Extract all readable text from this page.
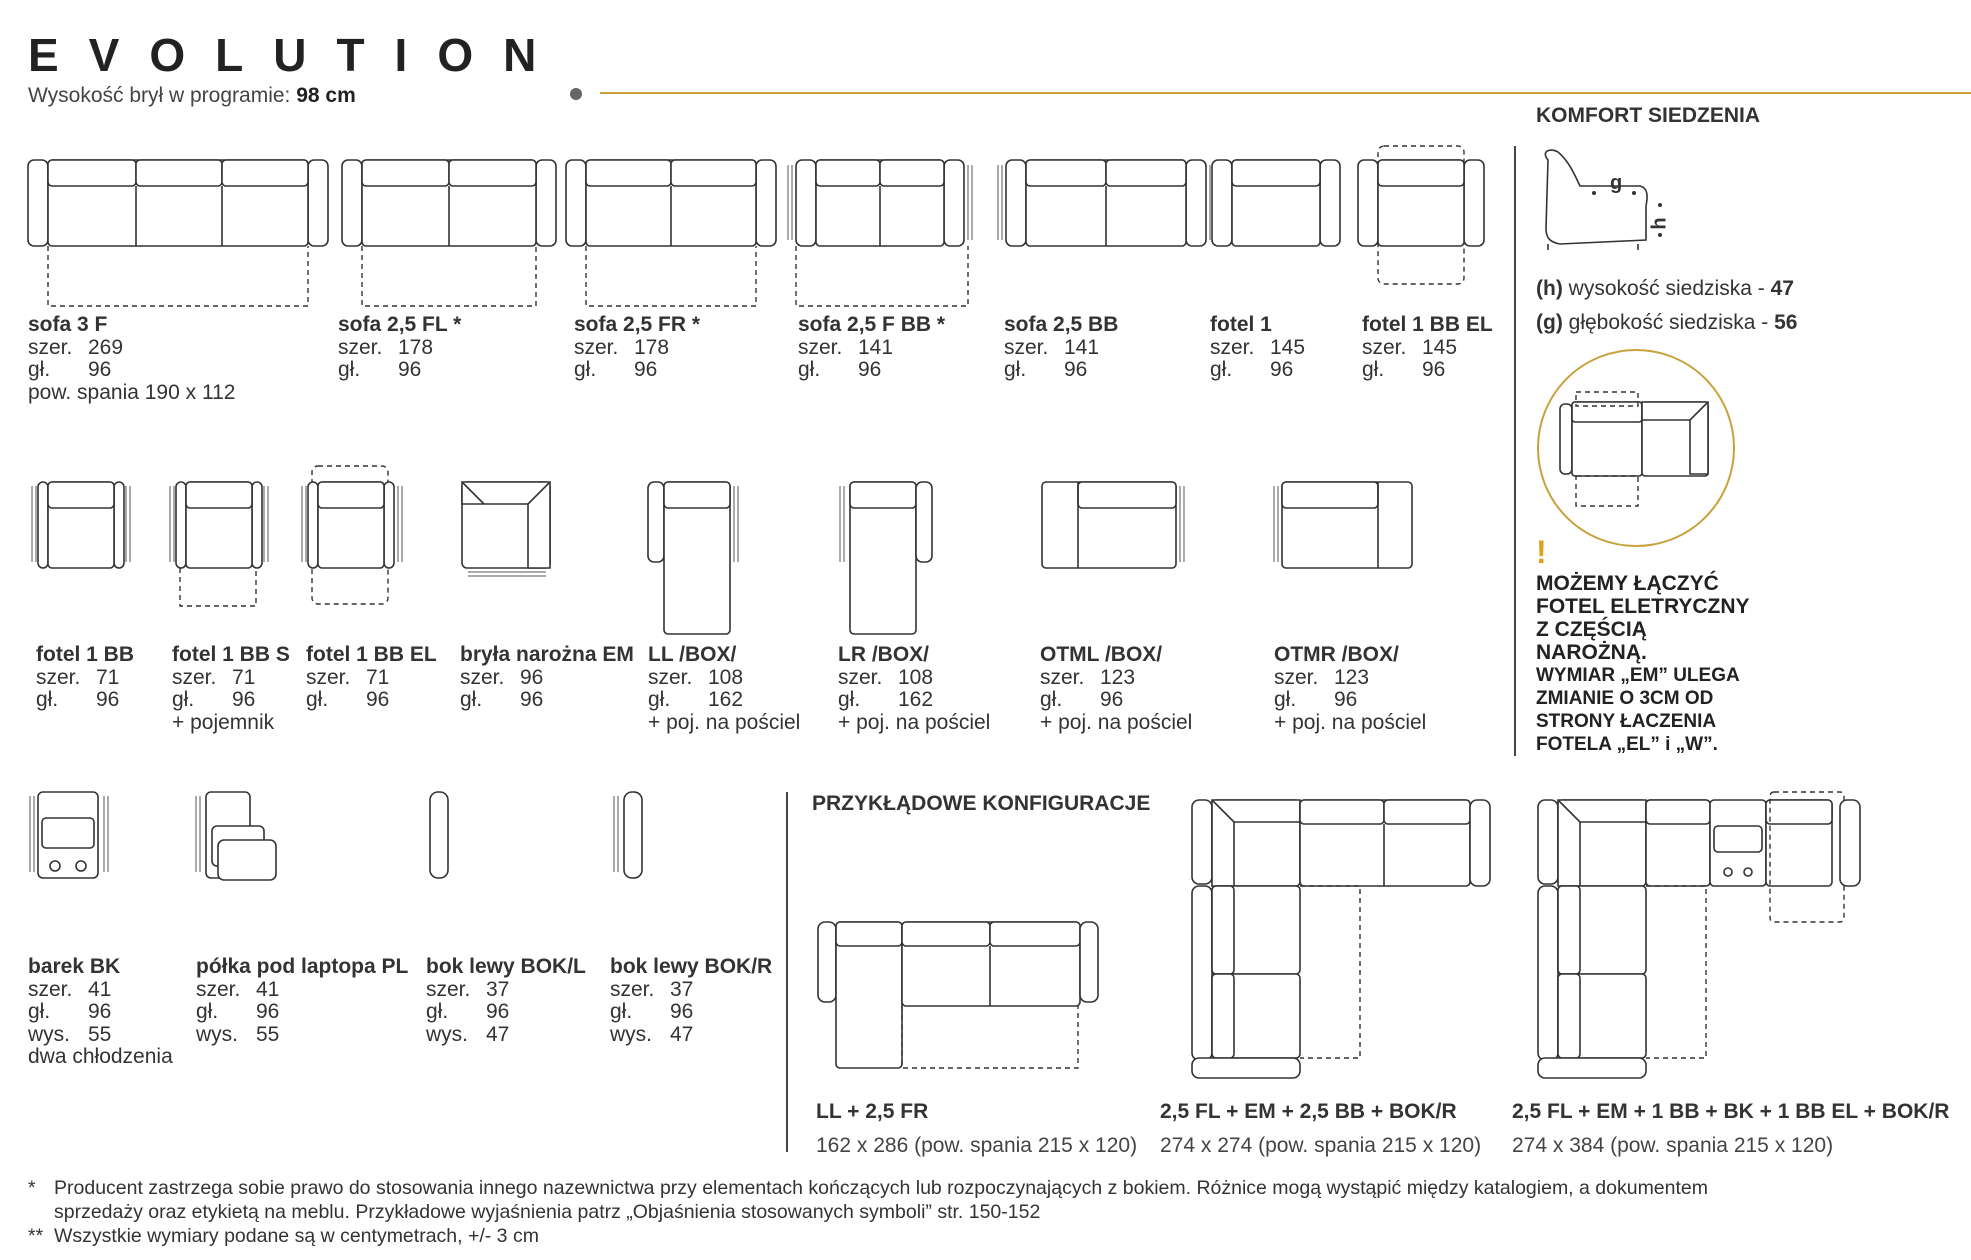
EVOLUTION
Wysokość brył w programie: 98 cm
g
h
KOMFORT SIEDZENIA
(h) wysokość siedziska - 47
(g) głębokość siedziska - 56
!
MOŻEMY ŁĄCZYĆ
FOTEL ELETRYCZNY
Z CZĘŚCIĄ
NAROŻNĄ.
WYMIAR „EM” ULEGA
ZMIANIE O 3CM OD
STRONY ŁACZENIA
FOTELA „EL” i „W”.
sofa 3 F
szer. 269
gł. 96
pow. spania 190 x 112
sofa 2,5 FL *
szer. 178
gł. 96
sofa 2,5 FR *
szer. 178
gł. 96
sofa 2,5 F BB *
szer. 141
gł. 96
sofa 2,5 BB
szer. 141
gł. 96
fotel 1
szer. 145
gł. 96
fotel 1 BB EL
szer. 145
gł. 96
fotel 1 BB
szer. 71
gł. 96
fotel 1 BB S
szer. 71
gł. 96
+ pojemnik
fotel 1 BB EL
szer. 71
gł. 96
bryła narożna EM
szer. 96
gł. 96
LL /BOX/
szer. 108
gł. 162
+ poj. na pościel
LR /BOX/
szer. 108
gł. 162
+ poj. na pościel
OTML /BOX/
szer. 123
gł. 96
+ poj. na pościel
OTMR /BOX/
szer. 123
gł. 96
+ poj. na pościel
barek BK
szer. 41
gł. 96
wys. 55
dwa chłodzenia
półka pod laptopa PL
szer. 41
gł. 96
wys. 55
bok lewy BOK/L
szer. 37
gł. 96
wys. 47
bok lewy BOK/R
szer. 37
gł. 96
wys. 47
PRZYKŁĄDOWE KONFIGURACJE
LL + 2,5 FR
162 x 286 (pow. spania 215 x 120)
2,5 FL + EM + 2,5 BB + BOK/R
274 x 274 (pow. spania 215 x 120)
2,5 FL + EM + 1 BB + BK + 1 BB EL + BOK/R
274 x 384 (pow. spania 215 x 120)
* Producent zastrzega sobie prawo do stosowania innego nazewnictwa przy elementach kończących lub rozpoczynających z bokiem. Różnice mogą wystąpić między katalogiem, a dokumentem
sprzedaży oraz etykietą na meblu. Przykładowe wyjaśnienia patrz „Objaśnienia stosowanych symboli” str. 150-152
** Wszystkie wymiary podane są w centymetrach, +/- 3 cm
